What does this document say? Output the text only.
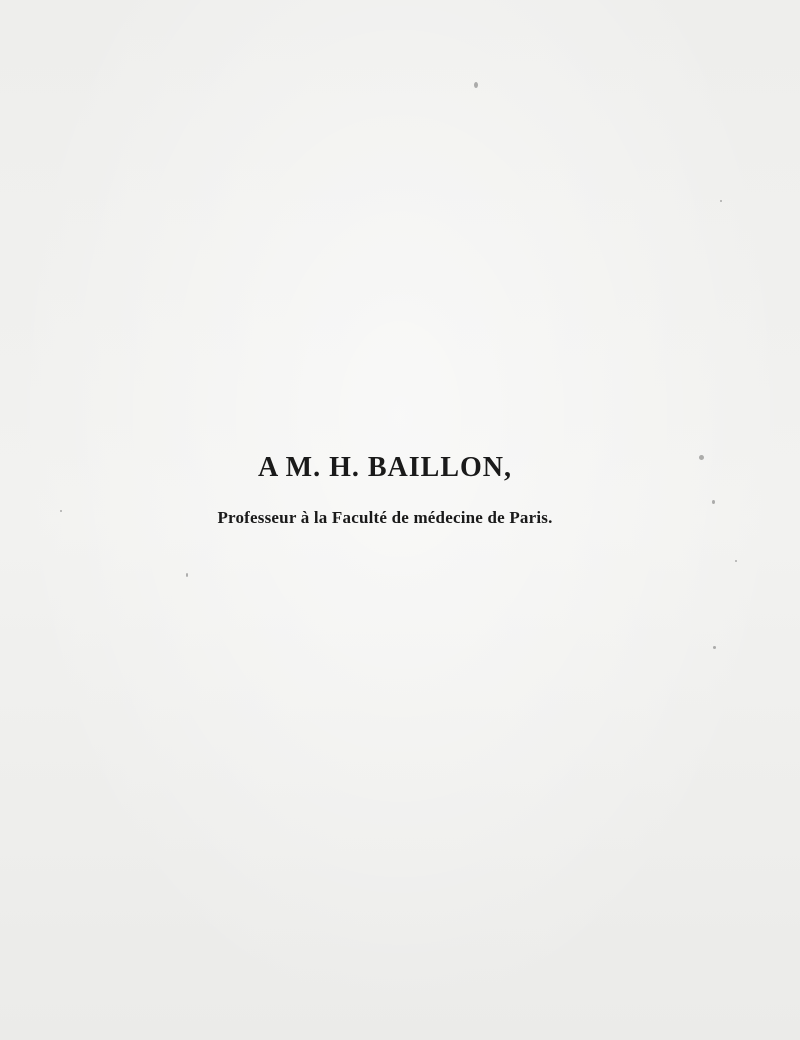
A M. H. BAILLON,
Professeur à la Faculté de médecine de Paris.
